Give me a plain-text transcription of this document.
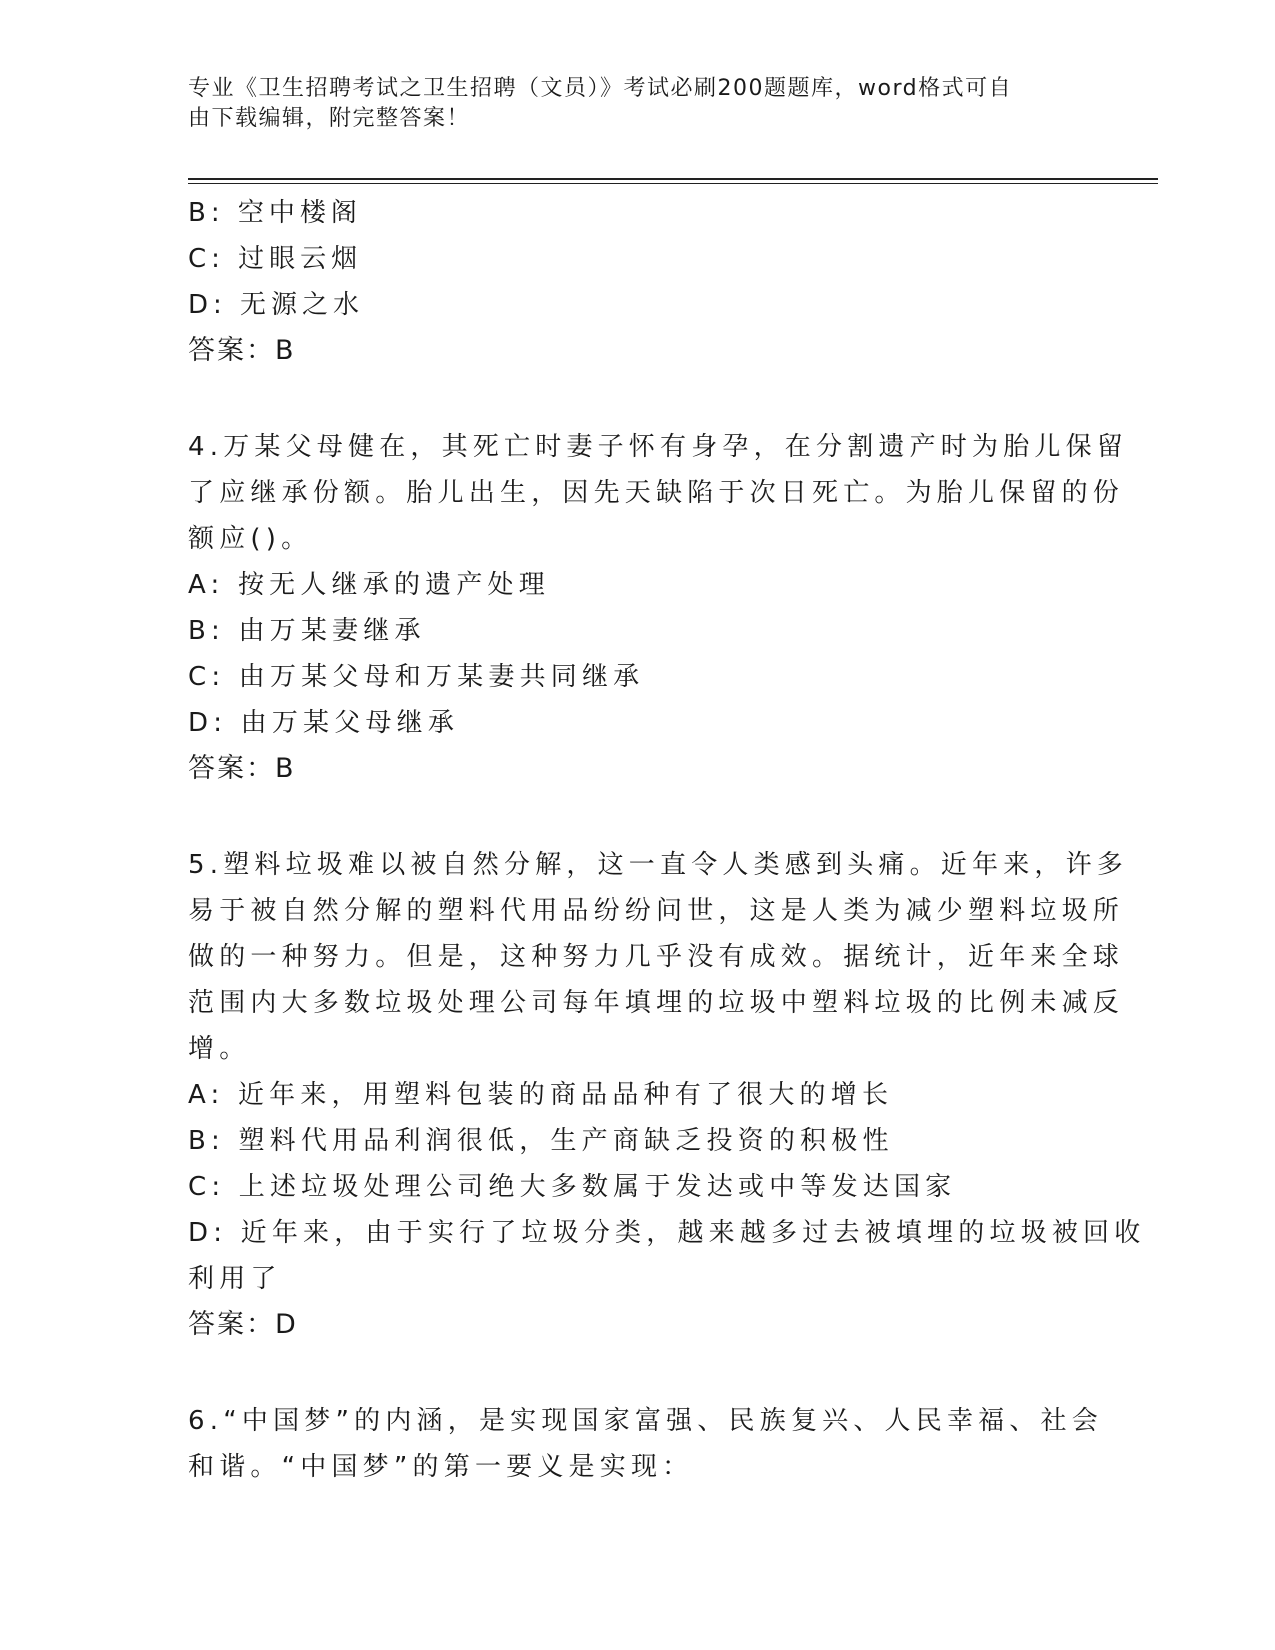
专业《卫生招聘考试之卫生招聘（文员）》考试必刷200题题库，word格式可自
由下载编辑，附完整答案！
B: 空中楼阁
C: 过眼云烟
D: 无源之水
答案：B
4.万某父母健在，其死亡时妻子怀有身孕，在分割遗产时为胎儿保留
了应继承份额。胎儿出生，因先天缺陷于次日死亡。为胎儿保留的份
额应()。
A: 按无人继承的遗产处理
B: 由万某妻继承
C: 由万某父母和万某妻共同继承
D: 由万某父母继承
答案：B
5.塑料垃圾难以被自然分解，这一直令人类感到头痛。近年来，许多
易于被自然分解的塑料代用品纷纷问世，这是人类为减少塑料垃圾所
做的一种努力。但是，这种努力几乎没有成效。据统计，近年来全球
范围内大多数垃圾处理公司每年填埋的垃圾中塑料垃圾的比例未减反
增。
A: 近年来，用塑料包装的商品品种有了很大的增长
B: 塑料代用品利润很低，生产商缺乏投资的积极性
C: 上述垃圾处理公司绝大多数属于发达或中等发达国家
D: 近年来，由于实行了垃圾分类，越来越多过去被填埋的垃圾被回收
利用了
答案：D
6.“中国梦”的内涵，是实现国家富强、民族复兴、人民幸福、社会
和谐。“中国梦”的第一要义是实现：
